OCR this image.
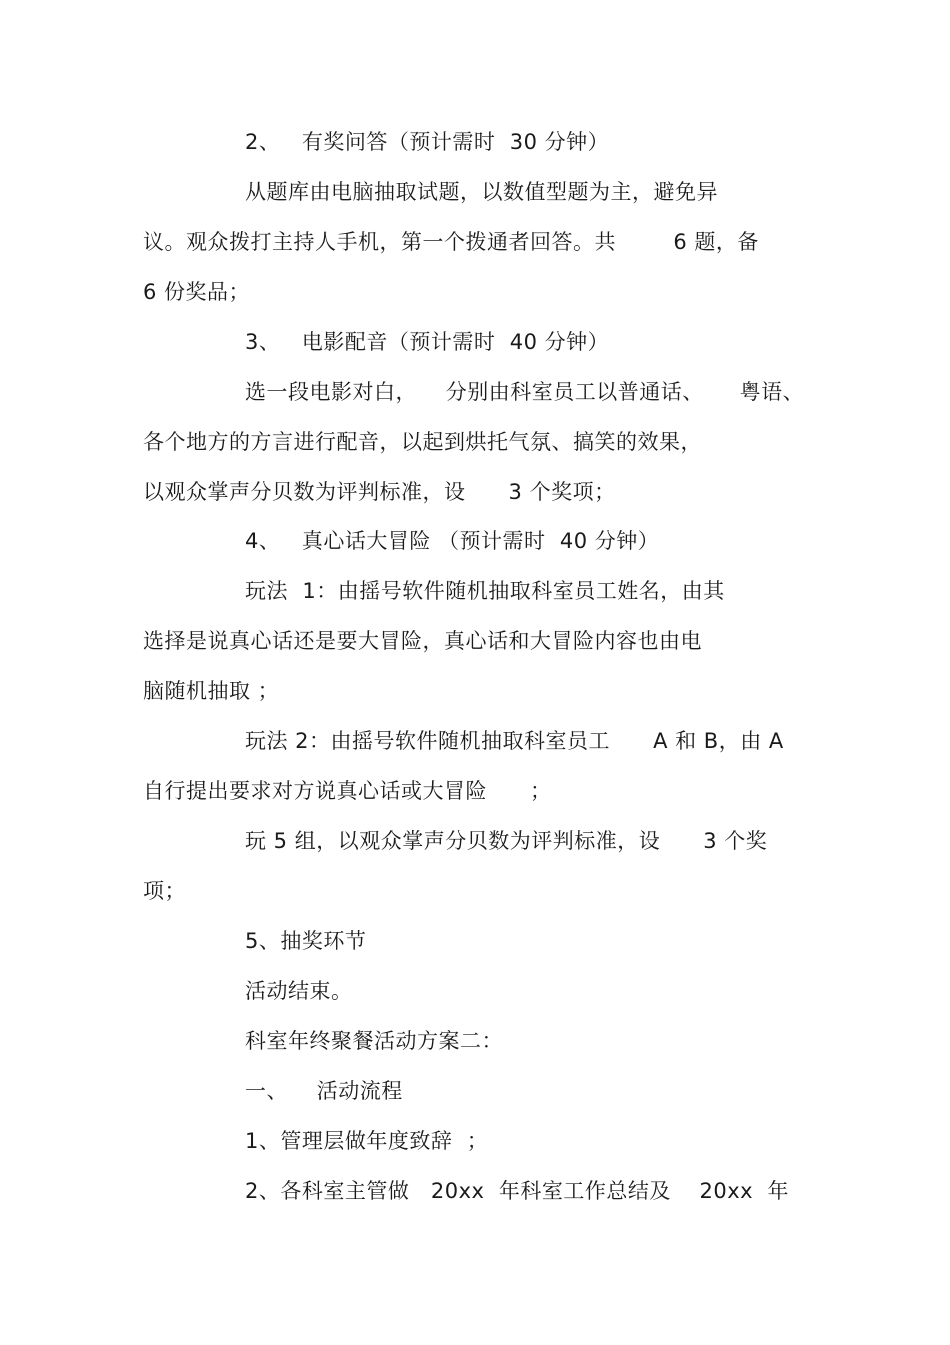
2、   有奖问答（预计需时  30 分钟）
从题库由电脑抽取试题，以数值型题为主，避免异
议。观众拨打主持人手机，第一个拨通者回答。共        6 题，备
6 份奖品；
3、   电影配音（预计需时  40 分钟）
选一段电影对白，    分别由科室员工以普通话、     粤语、
各个地方的方言进行配音，以起到烘托气氛、搞笑的效果，
以观众掌声分贝数为评判标准，设      3 个奖项；
4、   真心话大冒险 （预计需时  40 分钟）
玩法  1：由摇号软件随机抽取科室员工姓名，由其
选择是说真心话还是要大冒险，真心话和大冒险内容也由电
脑随机抽取 ；
玩法 2：由摇号软件随机抽取科室员工      A 和 B，由 A
自行提出要求对方说真心话或大冒险      ；
玩 5 组，以观众掌声分贝数为评判标准，设      3 个奖
项；
5、抽奖环节
活动结束。
科室年终聚餐活动方案二：
一、    活动流程
1、管理层做年度致辞  ；
2、各科室主管做   20xx  年科室工作总结及    20xx  年
